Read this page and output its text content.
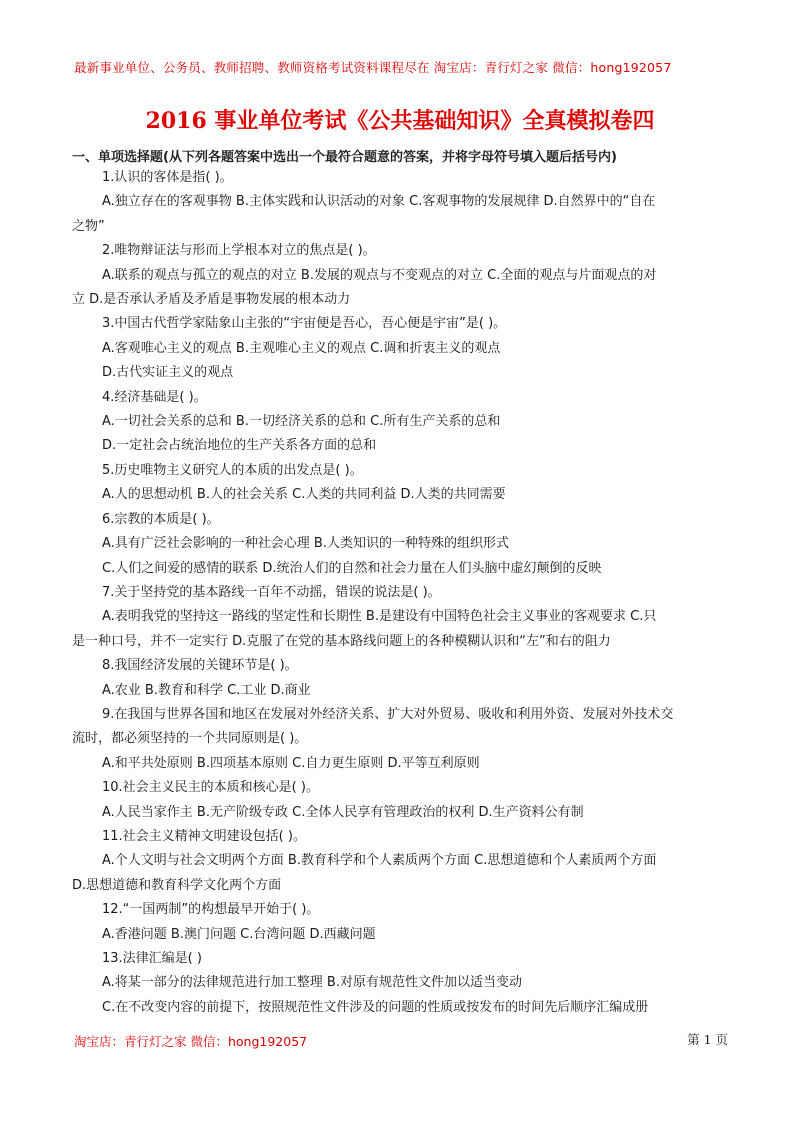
最新事业单位、公务员、教师招聘、教师资格考试资料课程尽在 淘宝店：青行灯之家 微信：hong192057
2016 事业单位考试《公共基础知识》全真模拟卷四
一、单项选择题(从下列各题答案中选出一个最符合题意的答案，并将字母符号填入题后括号内)
1.认识的客体是指( )。
A.独立存在的客观事物 B.主体实践和认识活动的对象 C.客观事物的发展规律 D.自然界中的“自在
之物”
2.唯物辩证法与形而上学根本对立的焦点是( )。
A.联系的观点与孤立的观点的对立 B.发展的观点与不变观点的对立 C.全面的观点与片面观点的对
立 D.是否承认矛盾及矛盾是事物发展的根本动力
3.中国古代哲学家陆象山主张的“宇宙便是吾心，吾心便是宇宙”是( )。
A.客观唯心主义的观点 B.主观唯心主义的观点 C.调和折衷主义的观点
D.古代实证主义的观点
4.经济基础是( )。
A.一切社会关系的总和 B.一切经济关系的总和 C.所有生产关系的总和
D.一定社会占统治地位的生产关系各方面的总和
5.历史唯物主义研究人的本质的出发点是( )。
A.人的思想动机 B.人的社会关系 C.人类的共同利益 D.人类的共同需要
6.宗教的本质是( )。
A.具有广泛社会影响的一种社会心理 B.人类知识的一种特殊的组织形式
C.人们之间爱的感情的联系 D.统治人们的自然和社会力量在人们头脑中虚幻颠倒的反映
7.关于坚持党的基本路线一百年不动摇，错误的说法是( )。
A.表明我党的坚持这一路线的坚定性和长期性 B.是建设有中国特色社会主义事业的客观要求 C.只
是一种口号，并不一定实行 D.克服了在党的基本路线问题上的各种模糊认识和“左”和右的阻力
8.我国经济发展的关键环节是( )。
A.农业 B.教育和科学 C.工业 D.商业
9.在我国与世界各国和地区在发展对外经济关系、扩大对外贸易、吸收和利用外资、发展对外技术交
流时，都必须坚持的一个共同原则是( )。
A.和平共处原则 B.四项基本原则 C.自力更生原则 D.平等互利原则
10.社会主义民主的本质和核心是( )。
A.人民当家作主 B.无产阶级专政 C.全体人民享有管理政治的权利 D.生产资料公有制
11.社会主义精神文明建设包括( )。
A.个人文明与社会文明两个方面 B.教育科学和个人素质两个方面 C.思想道德和个人素质两个方面
D.思想道德和教育科学文化两个方面
12.“一国两制”的构想最早开始于( )。
A.香港问题 B.澳门问题 C.台湾问题 D.西藏问题
13.法律汇编是( )
A.将某一部分的法律规范进行加工整理 B.对原有规范性文件加以适当变动
C.在不改变内容的前提下，按照规范性文件涉及的问题的性质或按发布的时间先后顺序汇编成册
淘宝店：青行灯之家 微信：hong192057	第 1 页
